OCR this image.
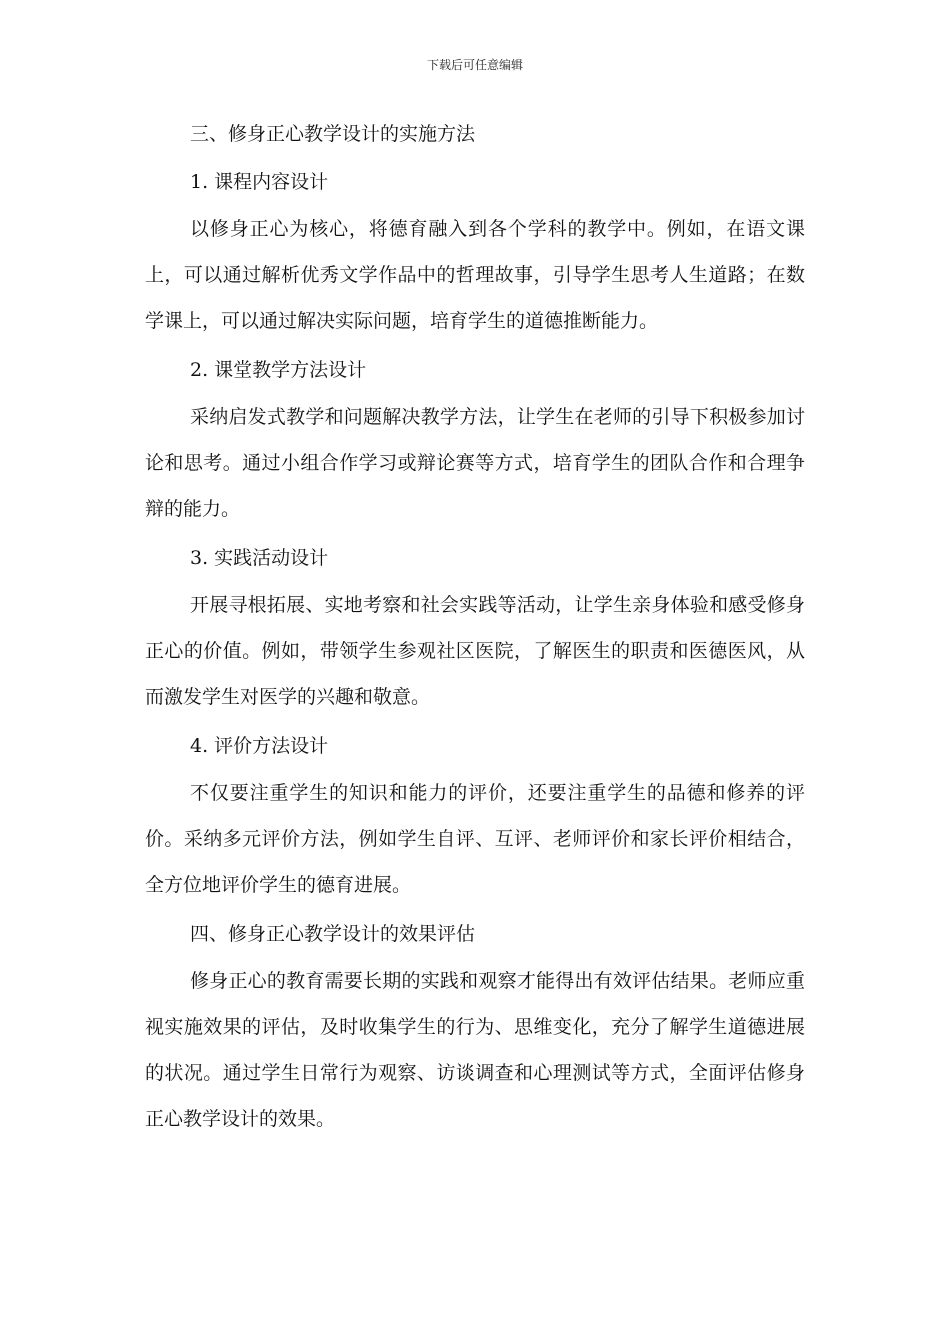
下载后可任意编辑

三、修身正心教学设计的实施方法

1. 课程内容设计

以修身正心为核心，将德育融入到各个学科的教学中。例如，在语文课上，可以通过解析优秀文学作品中的哲理故事，引导学生思考人生道路；在数学课上，可以通过解决实际问题，培育学生的道德推断能力。

2. 课堂教学方法设计

采纳启发式教学和问题解决教学方法，让学生在老师的引导下积极参加讨论和思考。通过小组合作学习或辩论赛等方式，培育学生的团队合作和合理争辩的能力。

3. 实践活动设计

开展寻根拓展、实地考察和社会实践等活动，让学生亲身体验和感受修身正心的价值。例如，带领学生参观社区医院，了解医生的职责和医德医风，从而激发学生对医学的兴趣和敬意。

4. 评价方法设计

不仅要注重学生的知识和能力的评价，还要注重学生的品德和修养的评价。采纳多元评价方法，例如学生自评、互评、老师评价和家长评价相结合，全方位地评价学生的德育进展。

四、修身正心教学设计的效果评估

修身正心的教育需要长期的实践和观察才能得出有效评估结果。老师应重视实施效果的评估，及时收集学生的行为、思维变化，充分了解学生道德进展的状况。通过学生日常行为观察、访谈调查和心理测试等方式，全面评估修身正心教学设计的效果。
